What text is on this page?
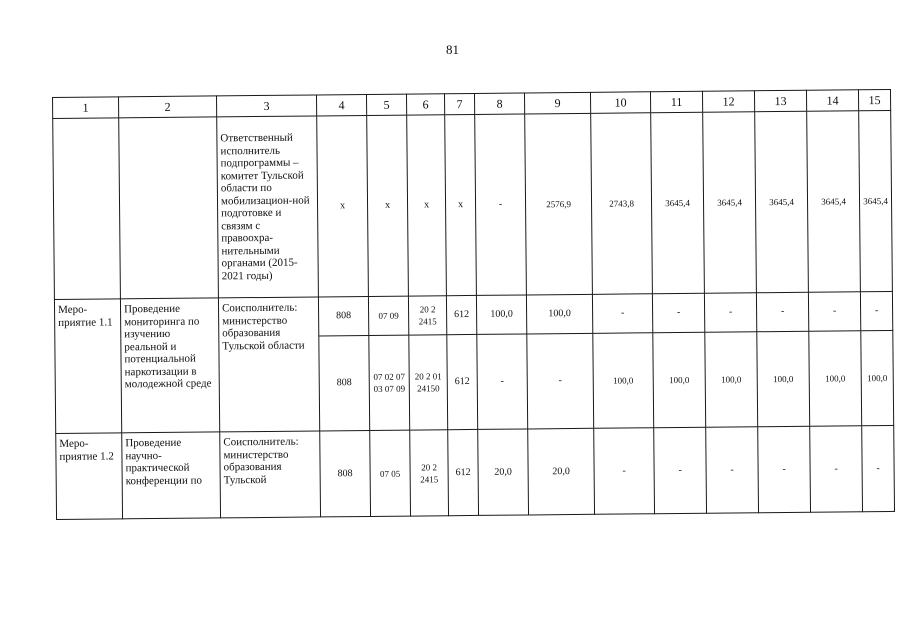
81
1	2	3	4	5	6	7	8	9	10	11	12	13	14	15
		Ответственный исполнитель подпрограммы – комитет Тульской области по мобилизацион-ной подготовке и связям с правоохра-нительными органами (2015-2021 годы)	х	х	х	х	-	2576,9	2743,8	3645,4	3645,4	3645,4	3645,4	3645,4
Меро-приятие 1.1	Проведение мониторинга по изучению реальной и потенциальной наркотизации в молодежной среде	Соисполнитель: министерство образования Тульской области	808	07 09	20 2 2415	612	100,0	100,0	-	-	-	-	-	-
			808	07 02 07 03 07 09	20 2 01 24150	612	-	-	100,0	100,0	100,0	100,0	100,0	100,0
Меро-приятие 1.2	Проведение научно-практической конференции по	Соисполнитель: министерство образования Тульской	808	07 05	20 2 2415	612	20,0	20,0	-	-	-	-	-	-
